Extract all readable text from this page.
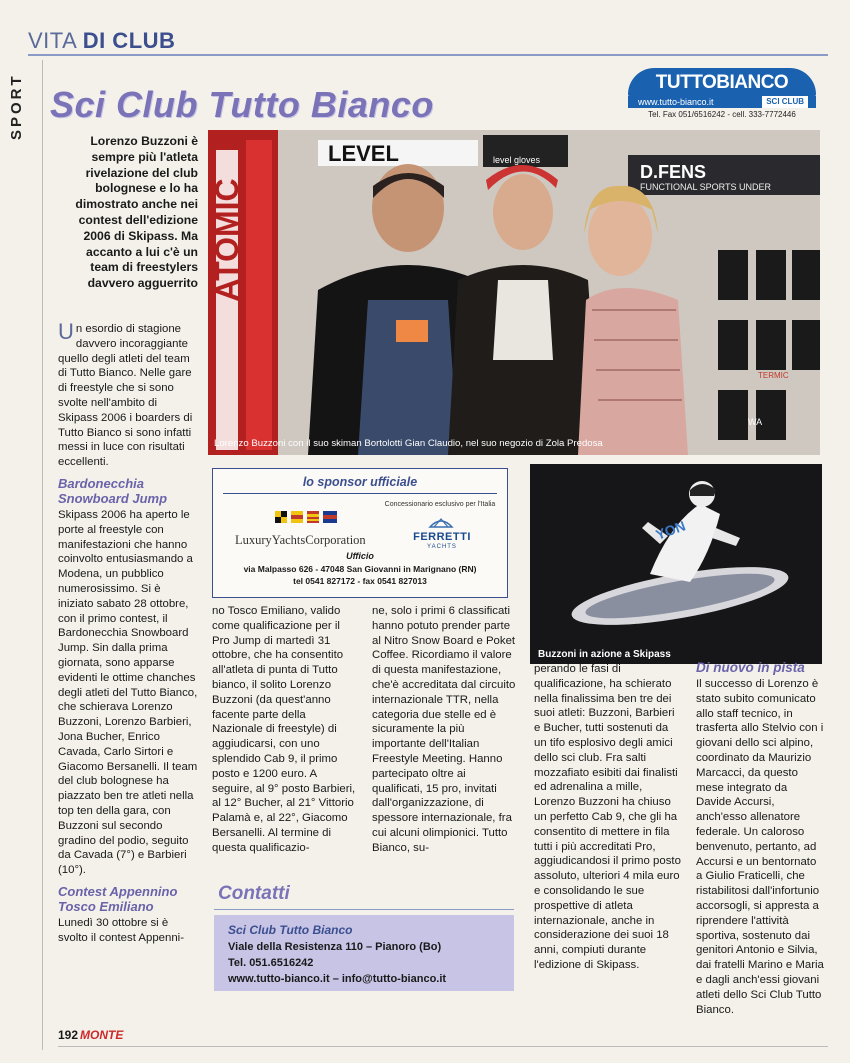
VITA DI CLUB
SPORT Sci Club Tutto Bianco
TUTTOBIANCO
www.tutto-bianco.it	SCI CLUB
Tel. Fax 051/6516242 - cell. 333-7772446
Lorenzo Buzzoni è sempre più l'atleta rivelazione del club bolognese e lo ha dimostrato anche nei contest dell'edizione 2006 di Skipass. Ma accanto a lui c'è un team di freestylers davvero agguerrito ATOMIC
LEVEL	level gloves
D.FENS
FUNCTIONAL SPORTS UNDER
TERMIC
WA
Lorenzo Buzzoni con il suo skiman Bortolotti Gian Claudio, nel suo negozio di Zola Predosa
Un esordio di stagione davvero incoraggiante quello degli atleti del team di Tutto Bianco. Nelle gare di freestyle che si sono svolte nell'ambito di Skipass 2006 i boarders di Tutto Bianco si sono infatti messi in luce con risultati eccellenti.
Bardonecchia Snowboard Jump
Skipass 2006 ha aperto le porte al freestyle con manifestazioni che hanno coinvolto entusiasmando a Modena, un pubblico numerosissimo. Si è iniziato sabato 28 ottobre, con il primo contest, il Bardonecchia Snowboard Jump. Sin dalla prima giornata, sono apparse evidenti le ottime chanches degli atleti del Tutto Bianco, che schierava Lorenzo Buzzoni, Lorenzo Barbieri, Jona Bucher, Enrico Cavada, Carlo Sirtori e Giacomo Bersanelli. Il team del club bolognese ha piazzato ben tre atleti nella top ten della gara, con Buzzoni sul secondo gradino del podio, seguito da Cavada (7°) e Barbieri (10°).
Contest Appennino Tosco Emiliano
Lunedì 30 ottobre si è svolto il contest Appenni-
lo sponsor ufficiale
LuxuryYachtsCorporation
Concessionario esclusivo per l'Italia
FERRETTI
YACHTS
Ufficio
via Malpasso 626 - 47048 San Giovanni in Marignano (RN)
tel 0541 827172 - fax 0541 827013
YON
Buzzoni in azione a Skipass
no Tosco Emiliano, valido come qualificazione per il Pro Jump di martedì 31 ottobre, che ha consentito all'atleta di punta di Tutto bianco, il solito Lorenzo Buzzoni (da quest'anno facente parte della Nazionale di freestyle) di aggiudicarsi, con uno splendido Cab 9, il primo posto e 1200 euro. A seguire, al 9° posto Barbieri, al 12° Bucher, al 21° Vittorio Palamà e, al 22°, Giacomo Bersanelli. Al termine di questa qualificazio-
ne, solo i primi 6 classificati hanno potuto prender parte al Nitro Snow Board e Poket Coffee. Ricordiamo il valore di questa manifestazione, che'è accreditata dal circuito internazionale TTR, nella categoria due stelle ed è sicuramente la più importante dell'Italian Freestyle Meeting. Hanno partecipato oltre ai qualificati, 15 pro, invitati dall'organizzazione, di spessore internazionale, fra cui alcuni olimpionici. Tutto Bianco, su-
perando le fasi di qualificazione, ha schierato nella finalissima ben tre dei suoi atleti: Buzzoni, Barbieri e Bucher, tutti sostenuti da un tifo esplosivo degli amici dello sci club. Fra salti mozzafiato esibiti dai finalisti ed adrenalina a mille, Lorenzo Buzzoni ha chiuso un perfetto Cab 9, che gli ha consentito di mettere in fila tutti i più accreditati Pro, aggiudicandosi il primo posto assoluto, ulteriori 4 mila euro e consolidando le sue prospettive di atleta internazionale, anche in considerazione dei suoi 18 anni, compiuti durante l'edizione di Skipass.
Di nuovo in pista
Il successo di Lorenzo è stato subito comunicato allo staff tecnico, in trasferta allo Stelvio con i giovani dello sci alpino, coordinato da Maurizio Marcacci, da questo mese integrato da Davide Accursi, anch'esso allenatore federale. Un caloroso benvenuto, pertanto, ad Accursi e un bentornato a Giulio Fraticelli, che ristabilitosi dall'infortunio accorsogli, si appresta a riprendere l'attività sportiva, sostenuto dai genitori Antonio e Silvia, dai fratelli Marino e Maria e dagli anch'essi giovani atleti dello Sci Club Tutto Bianco.
Contatti
Sci Club Tutto Bianco
Viale della Resistenza 110 – Pianoro (Bo)
Tel. 051.6516242
www.tutto-bianco.it – info@tutto-bianco.it
192 MONTE
